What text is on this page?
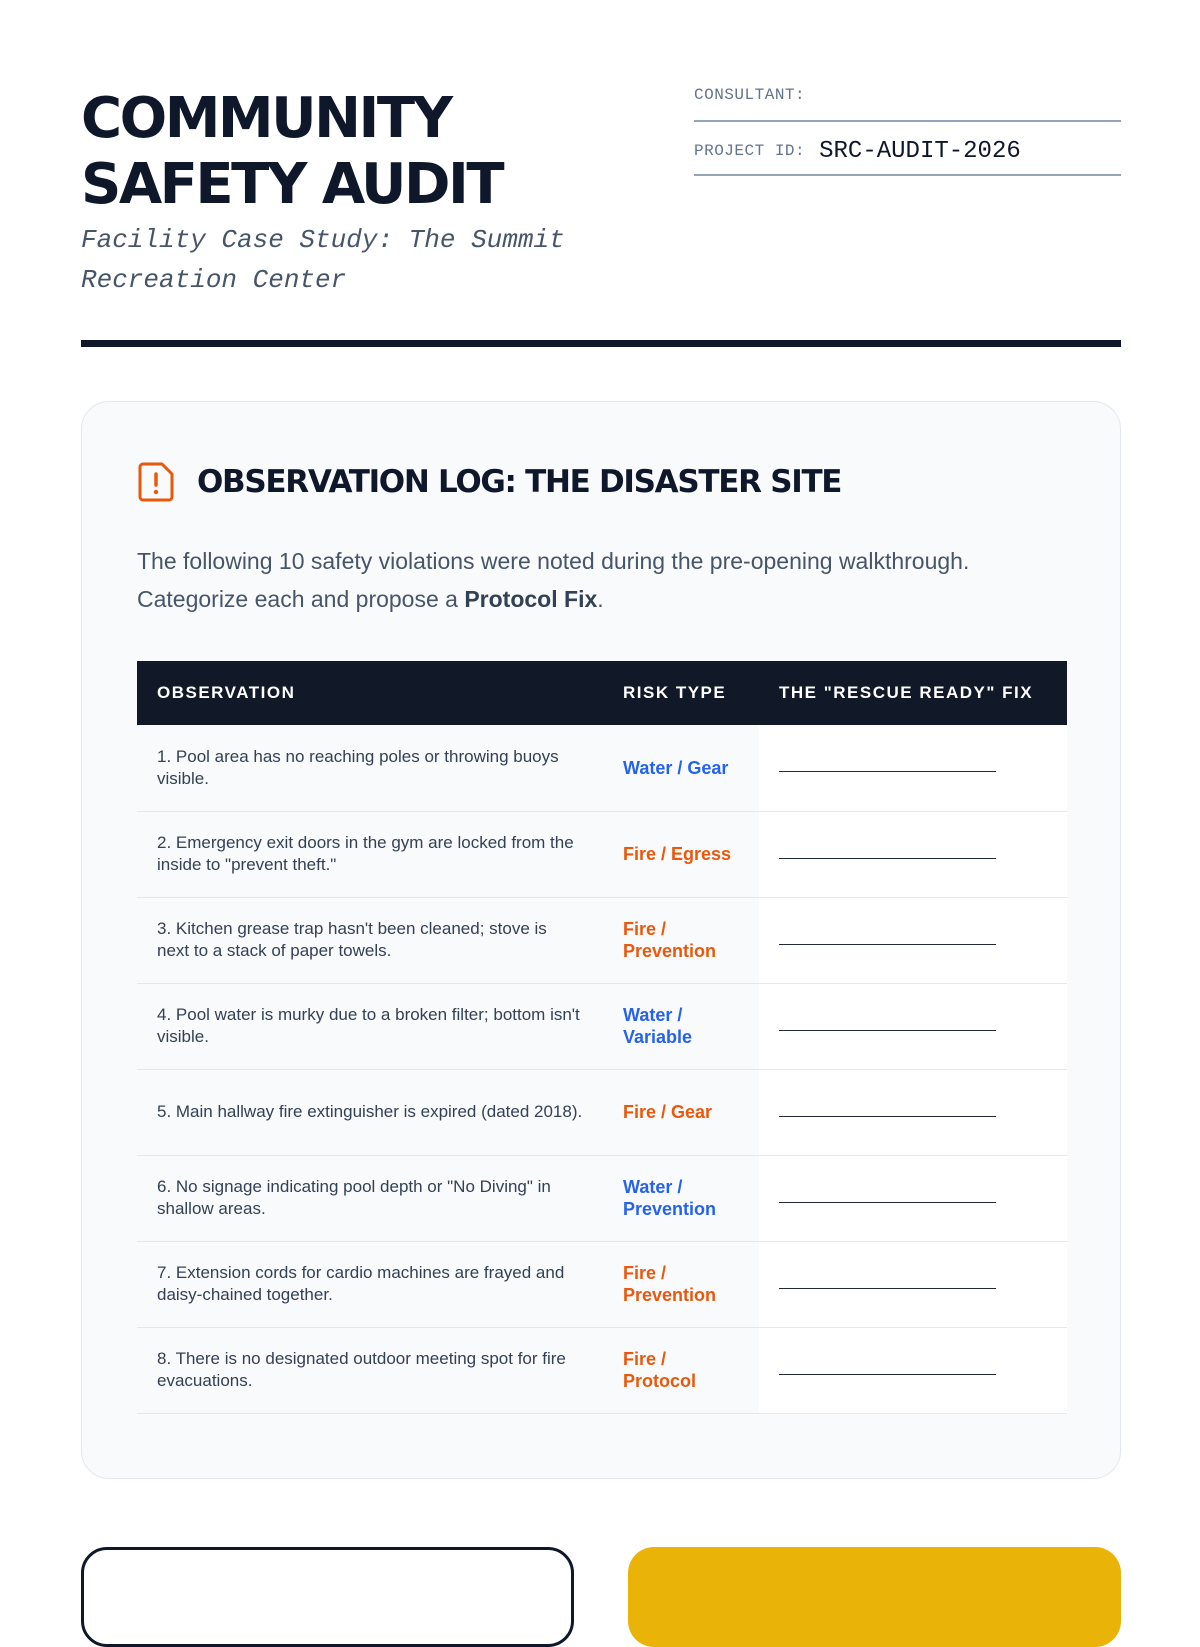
COMMUNITY
SAFETY AUDIT

Facility Case Study: The Summit Recreation Center

CONSULTANT:
PROJECT ID: SRC-AUDIT-2026
OBSERVATION LOG: THE DISASTER SITE

The following 10 safety violations were noted during the pre-opening walkthrough. Categorize each and propose a Protocol Fix.

OBSERVATION	RISK TYPE	THE "RESCUE READY" FIX
1. Pool area has no reaching poles or throwing buoys visible.	Water / Gear	

2. Emergency exit doors in the gym are locked from the inside to "prevent theft."	Fire / Egress	

3. Kitchen grease trap hasn't been cleaned; stove is next to a stack of paper towels.	Fire / Prevention	

4. Pool water is murky due to a broken filter; bottom isn't visible.	Water / Variable	

5. Main hallway fire extinguisher is expired (dated 2018).	Fire / Gear	

6. No signage indicating pool depth or "No Diving" in shallow areas.	Water / Prevention	

7. Extension cords for cardio machines are frayed and daisy-chained together.	Fire / Prevention	

8. There is no designated outdoor meeting spot for fire evacuations.	Fire / Protocol	
